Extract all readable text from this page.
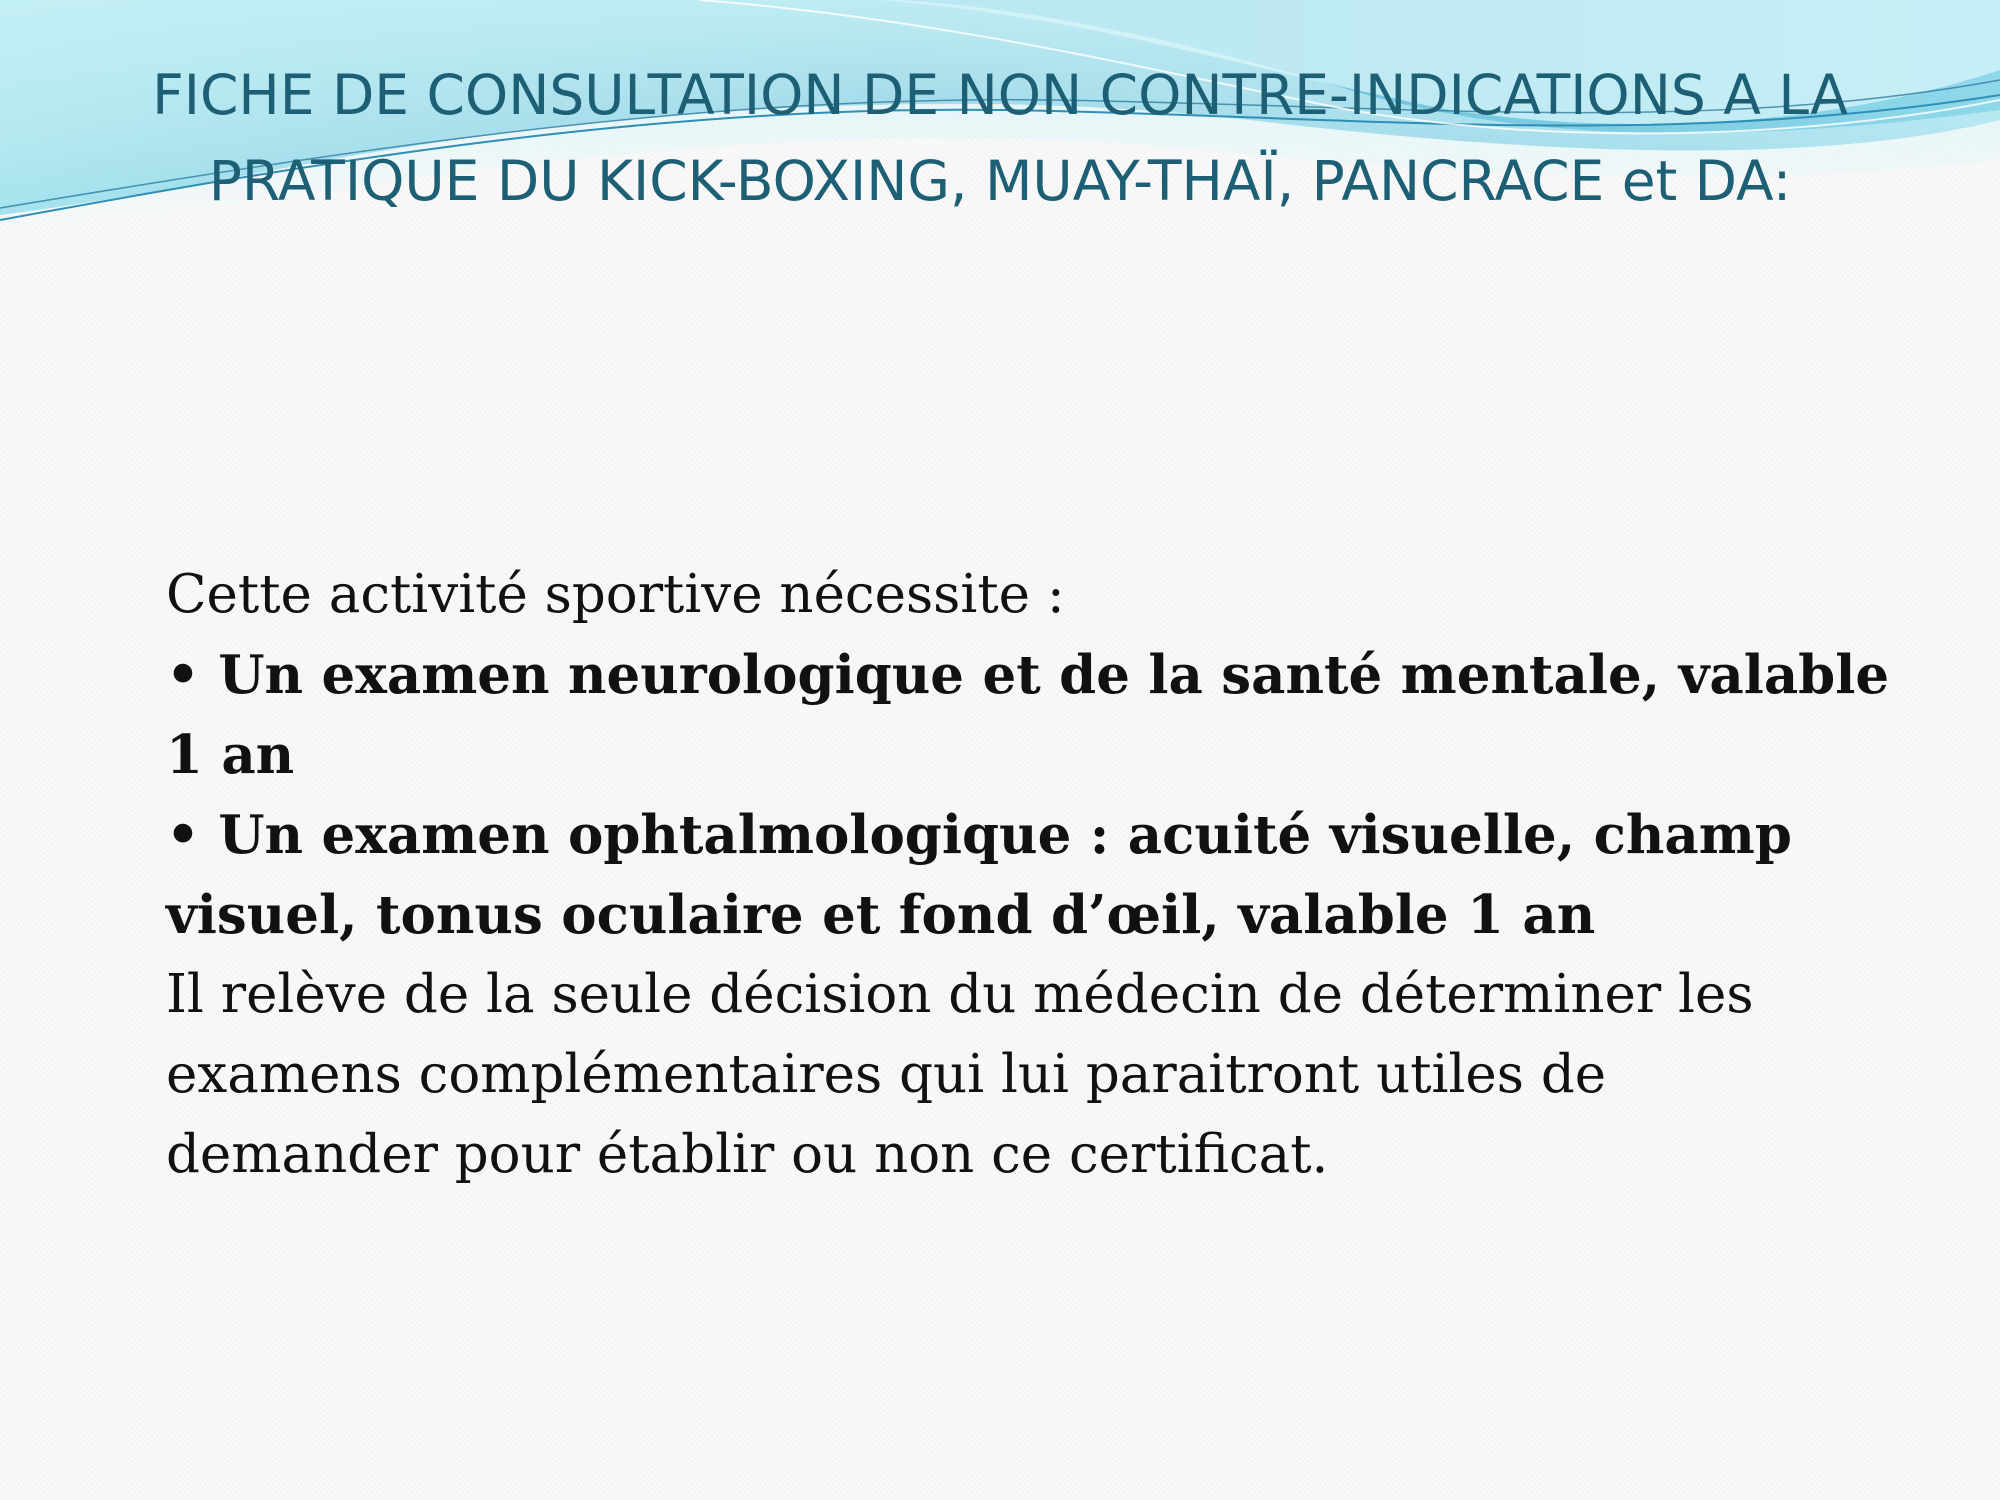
FICHE DE CONSULTATION DE NON CONTRE-INDICATIONS A LA
PRATIQUE DU KICK-BOXING, MUAY-THAÏ, PANCRACE et DA:
Cette activité sportive nécessite :
• Un examen neurologique et de la santé mentale, valable
1 an
• Un examen ophtalmologique : acuité visuelle, champ
visuel, tonus oculaire et fond d’œil, valable 1 an
Il relève de la seule décision du médecin de déterminer les
examens complémentaires qui lui paraitront utiles de
demander pour établir ou non ce certificat.
